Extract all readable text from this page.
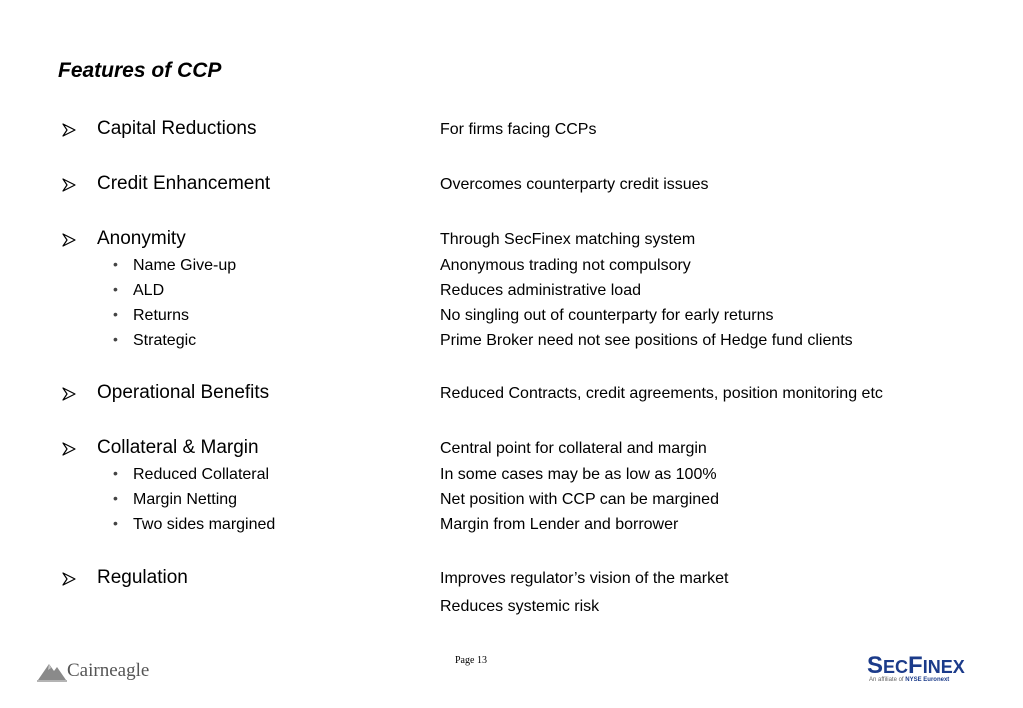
Features of CCP
Capital Reductions	For firms facing CCPs
Credit Enhancement	Overcomes counterparty credit issues
Anonymity	Through SecFinex matching system
• Name Give-up	Anonymous trading not compulsory
• ALD	Reduces administrative load
• Returns	No singling out of counterparty for early returns
• Strategic	Prime Broker need not see positions of Hedge fund clients
Operational Benefits	Reduced Contracts, credit agreements, position monitoring etc
Collateral & Margin	Central point for collateral and margin
• Reduced Collateral	In some cases may be as low as 100%
• Margin Netting	Net position with CCP can be margined
• Two sides margined	Margin from Lender and borrower
Regulation	Improves regulator’s vision of the market
Reduces systemic risk
Cairneagle	Page 13	SECFINEX
An affiliate of NYSE Euronext
